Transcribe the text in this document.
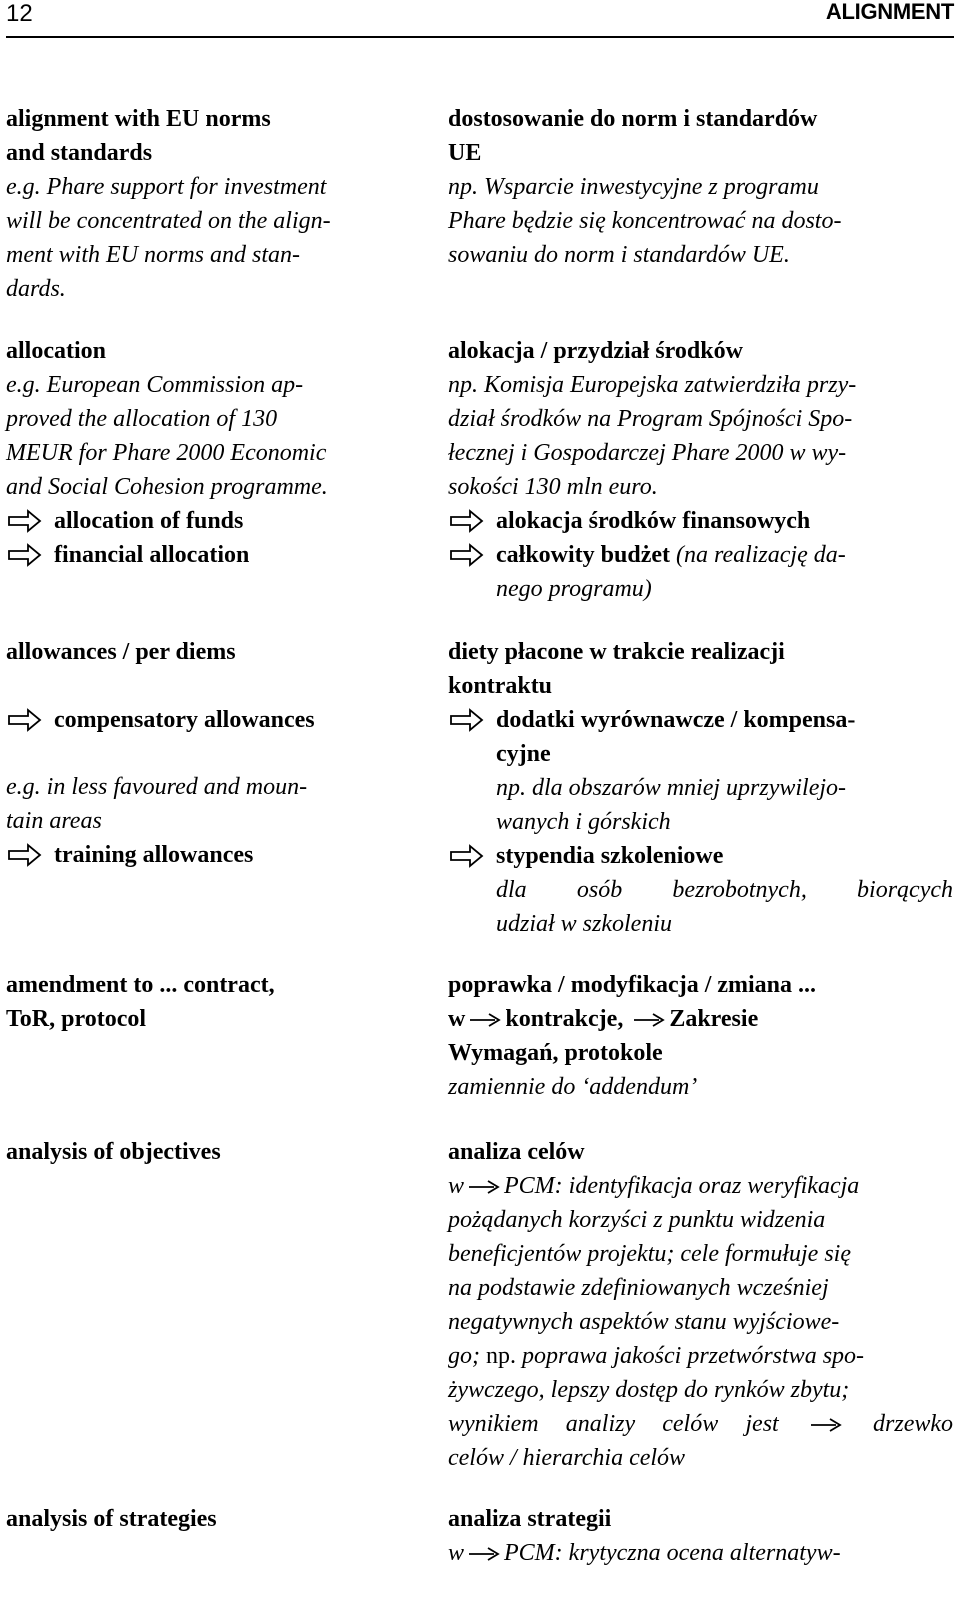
12	ALIGNMENT
alignment with EU norms
and standards
e.g. Phare support for investment
will be concentrated on the align-
ment with EU norms and stan-
dards.
allocation
e.g. European Commission ap-
proved the allocation of 130
MEUR for Phare 2000 Economic
and Social Cohesion programme.
allocation of funds
financial allocation
allowances / per diems
compensatory allowances
e.g. in less favoured and moun-
tain areas
training allowances
amendment to ... contract,
ToR, protocol
analysis of objectives
analysis of strategies
dostosowanie do norm i standardów
UE
np. Wsparcie inwestycyjne z programu
Phare będzie się koncentrować na dosto-
sowaniu do norm i standardów UE.
alokacja / przydział środków
np. Komisja Europejska zatwierdziła przy-
dział środków na Program Spójności Spo-
łecznej i Gospodarczej Phare 2000 w wy-
sokości 130 mln euro.
alokacja środków finansowych
całkowity budżet (na realizację da-
nego programu)
diety płacone w trakcie realizacji
kontraktu
dodatki wyrównawcze / kompensa-
cyjne
np. dla obszarów mniej uprzywilejo-
wanych i górskich
stypendia szkoleniowe
dla osób bezrobotnych, biorących
udział w szkoleniu
poprawka / modyfikacja / zmiana ...
w kontrakcje, Zakresie
Wymagań, protokole
zamiennie do ‘addendum’
analiza celów
w PCM: identyfikacja oraz weryfikacja
pożądanych korzyści z punktu widzenia
beneficjentów projektu; cele formułuje się
na podstawie zdefiniowanych wcześniej
negatywnych aspektów stanu wyjściowe-
go; np. poprawa jakości przetwórstwa spo-
żywczego, lepszy dostęp do rynków zbytu;
wynikiem analizy celów jest	drzewko
celów / hierarchia celów
analiza strategii
w PCM: krytyczna ocena alternatyw-
